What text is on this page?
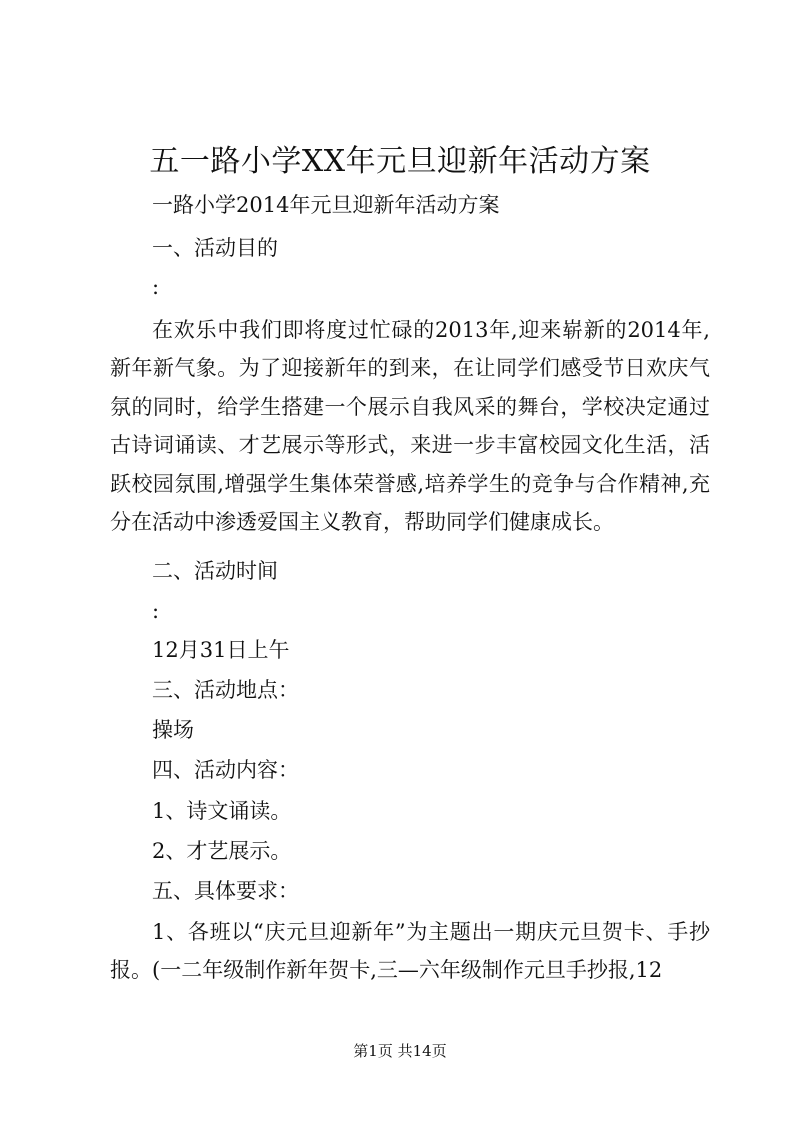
五一路小学XX年元旦迎新年活动方案
一路小学2014年元旦迎新年活动方案
一、活动目的
:
在欢乐中我们即将度过忙碌的2013年,迎来崭新的2014年,新年新气象。为了迎接新年的到来，在让同学们感受节日欢庆气氛的同时，给学生搭建一个展示自我风采的舞台，学校决定通过古诗词诵读、才艺展示等形式，来进一步丰富校园文化生活，活跃校园氛围,增强学生集体荣誉感,培养学生的竞争与合作精神,充分在活动中渗透爱国主义教育，帮助同学们健康成长。
二、活动时间
:
12月31日上午
三、活动地点：
操场
四、活动内容：
1、诗文诵读。
2、才艺展示。
五、具体要求：
1、各班以“庆元旦迎新年”为主题出一期庆元旦贺卡、手抄报。(一二年级制作新年贺卡,三—六年级制作元旦手抄报,12
第1页 共14页
